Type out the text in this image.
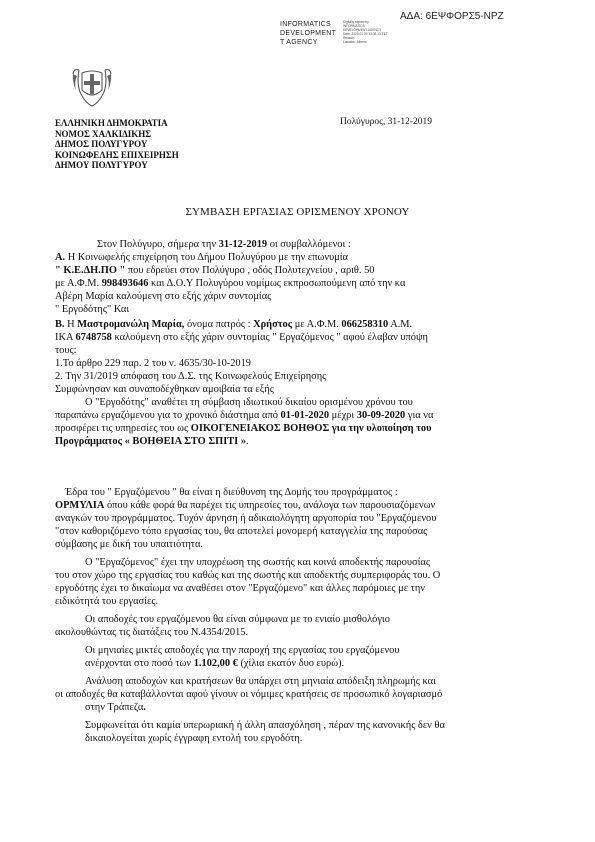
ΑΔΑ: 6ΕΨΦΟΡΣ5-ΝΡΖ
INFORMATICS
DEVELOPMENT
T AGENCY
Digitally signed by
INFORMATICS
DEVELOPMENT AGENCY
Date: 2020.01.09 13:08:13 EET
Reason:
Location: Athens
ΕΛΛΗΝΙΚΗ ΔΗΜΟΚΡΑΤΙΑ
ΝΟΜΟΣ ΧΑΛΚΙΔΙΚΗΣ
ΔΗΜΟΣ ΠΟΛΥΓΥΡΟΥ
ΚΟΙΝΩΦΕΛΗΣ ΕΠΙΧΕΙΡΗΣΗ
ΔΗΜΟΥ ΠΟΛΥΓΥΡΟΥ
Πολύγυρος, 31-12-2019
ΣΥΜΒΑΣΗ ΕΡΓΑΣΙΑΣ ΟΡΙΣΜΕΝΟΥ ΧΡΟΝΟΥ
Στον Πολύγυρο, σήμερα την 31-12-2019 οι συμβαλλόμενοι :
Α. Η Κοινωφελής επιχείρηση του Δήμου Πολυγύρου με την επωνυμία
" Κ.Ε.ΔΗ.ΠΟ " που εδρεύει στον Πολύγυρο , οδός Πολυτεχνείου , αριθ. 50
με Α.Φ.Μ. 998493646 και Δ.Ο.Υ Πολυγύρου νομίμως εκπροσωπούμενη από την κα
Αβέρη Μαρία καλούμενη στο εξής χάριν συντομίας
" Εργοδότης" Και
Β. Η Μαστρομανώλη Μαρία, όνομα πατρός : Χρήστος με Α.Φ.Μ. 066258310 Α.Μ.
ΙΚΑ 6748758 καλούμενη στο εξής χάριν συντομίας " Εργαζόμενος " αφού έλαβαν υπόψη
τους:
1.Το άρθρο 229 παρ. 2 του ν. 4635/30-10-2019
2. Την 31/2019 απόφαση του Δ.Σ. της Κοινωφελούς Επιχείρησης
Συμφώνησαν και συναποδέχθηκαν αμοιβαία τα εξής
Ο "Εργοδότης" αναθέτει τη σύμβαση ιδιωτικού δικαίου ορισμένου χρόνου του
παραπάνω εργαζόμενου για το χρονικό διάστημα από 01-01-2020 μέχρι 30-09-2020 για να
προσφέρει τις υπηρεσίες του ως ΟΙΚΟΓΕΝΕΙΑΚΟΣ ΒΟΗΘΟΣ για την υλοποίηση του
Προγράμματος « ΒΟΗΘΕΙΑ ΣΤΟ ΣΠΙΤΙ ».
Έδρα του " Εργαζόμενου " θα είναι η διεύθυνση της Δομής του προγράμματος :
ΟΡΜΥΛΙΑ όπου κάθε φορά θα παρέχει τις υπηρεσίες του, ανάλογα των παρουσιαζόμενων
αναγκών του προγράμματος. Τυχόν άρνηση ή αδικαιολόγητη αργοπορία του "Εργαζόμενου
"στον καθοριζόμενο τόπο εργασίας του, θα αποτελεί μονομερή καταγγελία της παρούσας
σύμβασης με δική του υπαιτιότητα.
Ο "Εργαζόμενος" έχει την υποχρέωση της σωστής και κοινά αποδεκτής παρουσίας
του στον χώρο της εργασίας του καθώς και της σωστής και αποδεκτής συμπεριφοράς του. Ο
εργοδότης έχει το δικαίωμα να αναθέσει στον "Εργαζόμενο" και άλλες παρόμοιες με την
ειδικότητά του εργασίες.
Οι αποδοχές του εργαζόμενου θα είναι σύμφωνα με το ενιαίο μισθολόγιο
ακολουθώντας τις διατάξεις του Ν.4354/2015.
Οι μηνιαίες μικτές αποδοχές για την παροχή της εργασίας του εργαζόμενου
ανέρχονται στο ποσό των 1.102,00 € (χίλια εκατόν δυο ευρώ).
Ανάλυση αποδοχών και κρατήσεων θα υπάρχει στη μηνιαία απόδειξη πληρωμής και
οι αποδοχές θα καταβάλλονται αφού γίνουν οι νόμιμες κρατήσεις σε προσωπικό λογαριασμό
στην Τράπεζα.
Συμφωνείται ότι καμία υπερωριακή ή άλλη απασχόληση , πέραν της κανονικής δεν θα
δικαιολογείται χωρίς έγγραφη εντολή του εργοδότη.
